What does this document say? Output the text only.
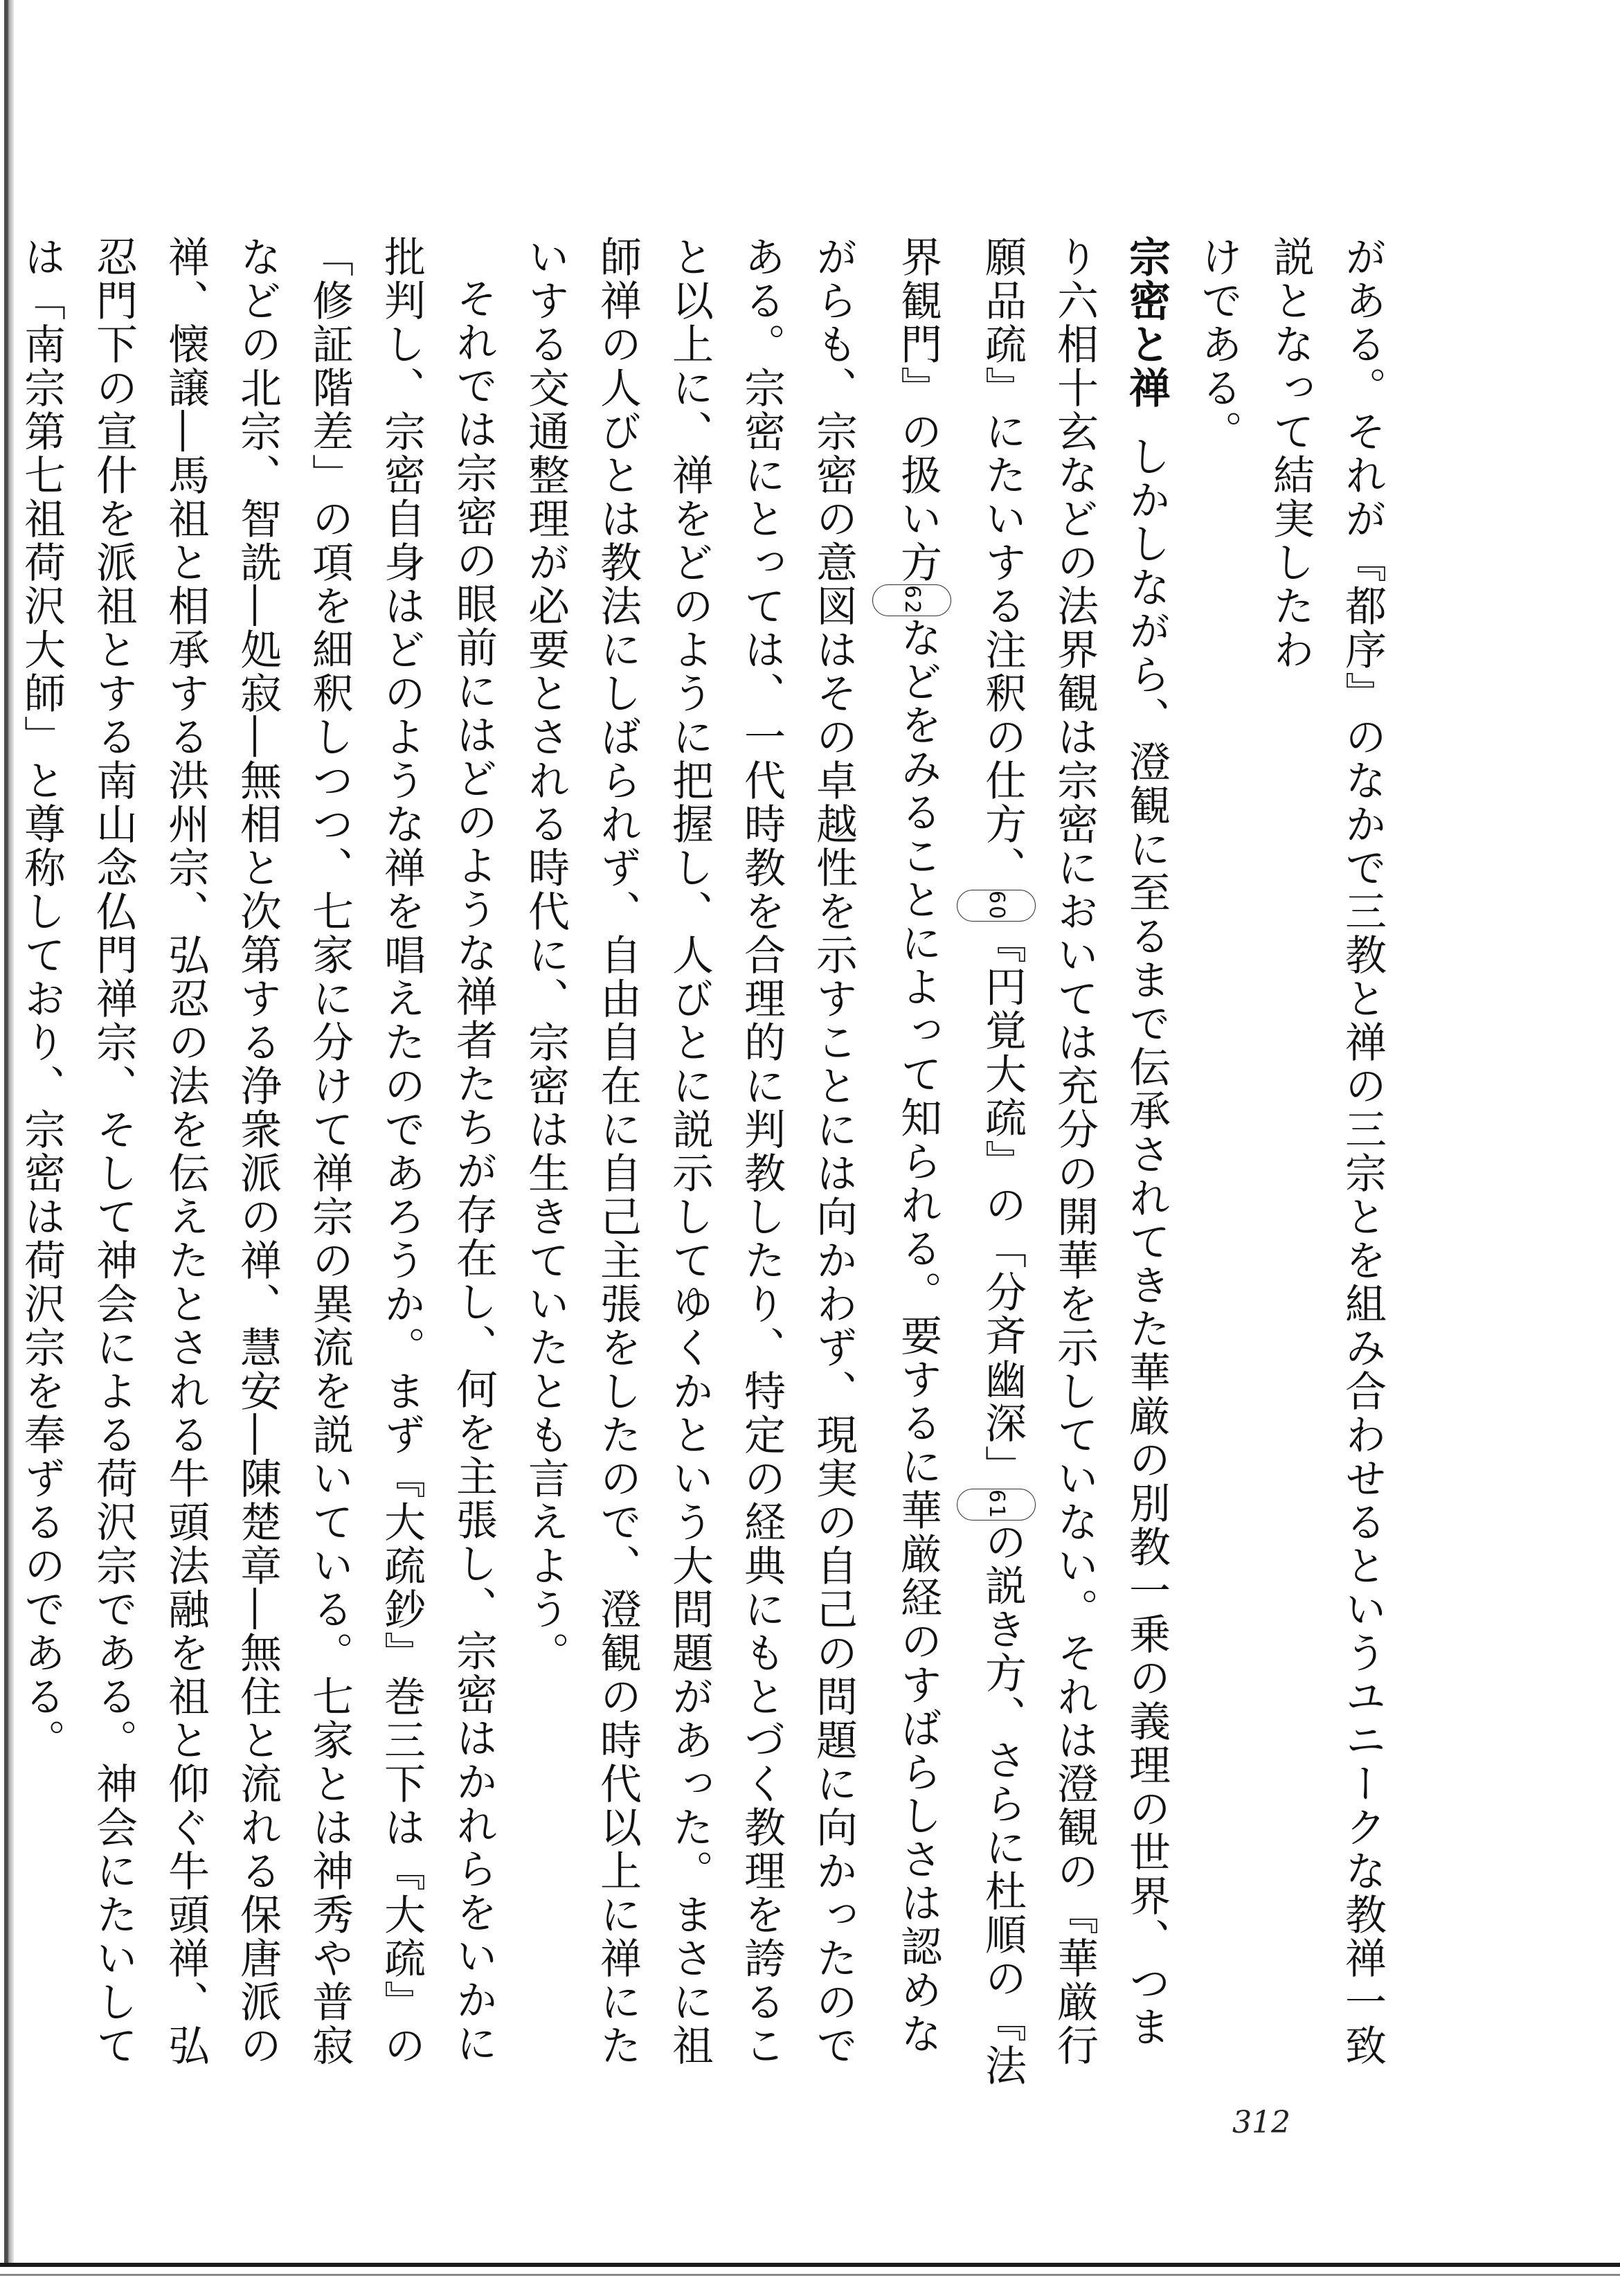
がある。それが『都序』のなかで三教と禅の三宗とを組み合わせるというユニークな教禅一致説となって結実したわ

けである。

宗密と禅しかしながら、澄観に至るまで伝承されてきた華厳の別教一乗の義理の世界、つまり六相十玄などの法界観は宗密においては充分の開華を示していない。それは澄観の『華厳行願品疏』にたいする注釈の仕方、60『円覚大疏』の「分斉幽深」61の説き方、さらに杜順の『法界観門』の扱い方62などをみることによって知られる。要するに華厳経のすばらしさは認めながらも、宗密の意図はその卓越性を示すことには向かわず、現実の自己の問題に向かったのである。宗密にとっては、一代時教を合理的に判教したり、特定の経典にもとづく教理を誇ること以上に、禅をどのように把握し、人びとに説示してゆくかという大問題があった。まさに祖師禅の人びとは教法にしばられず、自由自在に自己主張をしたので、澄観の時代以上に禅にたいする交通整理が必要とされる時代に、宗密は生きていたとも言えよう。

それでは宗密の眼前にはどのような禅者たちが存在し、何を主張し、宗密はかれらをいかに批判し、宗密自身はどのような禅を唱えたのであろうか。まず『大疏鈔』巻三下は『大疏』の「修証階差」の項を細釈しつつ、七家に分けて禅宗の異流を説いている。七家とは神秀や普寂などの北宗、智詵―処寂―無相と次第する浄衆派の禅、慧安―陳楚章―無住と流れる保唐派の禅、懐譲―馬祖と相承する洪州宗、弘忍の法を伝えたとされる牛頭法融を祖と仰ぐ牛頭禅、弘忍門下の宣什を派祖とする南山念仏門禅宗、そして神会による荷沢宗である。神会にたいしては「南宗第七祖荷沢大師」と尊称しており、宗密は荷沢宗を奉ずるのである。

312
